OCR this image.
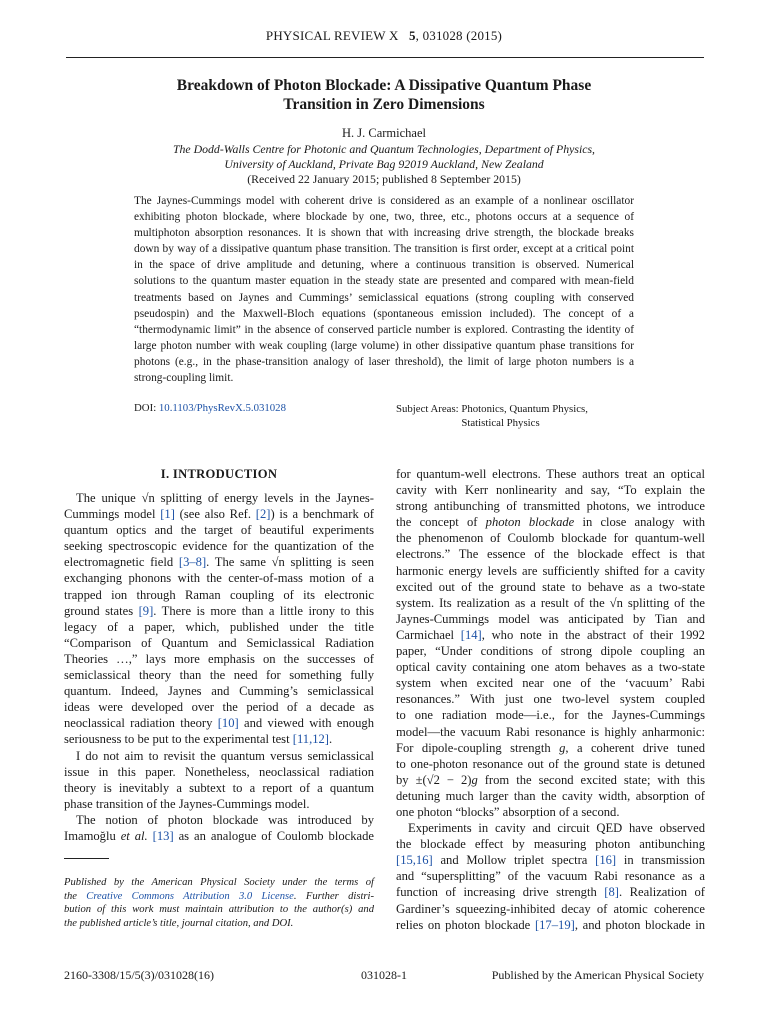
PHYSICAL REVIEW X 5, 031028 (2015)
Breakdown of Photon Blockade: A Dissipative Quantum Phase
Transition in Zero Dimensions
H. J. Carmichael
The Dodd-Walls Centre for Photonic and Quantum Technologies, Department of Physics,
University of Auckland, Private Bag 92019 Auckland, New Zealand
(Received 22 January 2015; published 8 September 2015)
The Jaynes-Cummings model with coherent drive is considered as an example of a nonlinear oscillator
exhibiting photon blockade, where blockade by one, two, three, etc., photons occurs at a sequence of
multiphoton absorption resonances. It is shown that with increasing drive strength, the blockade breaks
down by way of a dissipative quantum phase transition. The transition is first order, except at a critical point
in the space of drive amplitude and detuning, where a continuous transition is observed. Numerical
solutions to the quantum master equation in the steady state are presented and compared with mean-field
treatments based on Jaynes and Cummings’ semiclassical equations (strong coupling with conserved
pseudospin) and the Maxwell-Bloch equations (spontaneous emission included). The concept of a
“thermodynamic limit” in the absence of conserved particle number is explored. Contrasting the identity of
large photon number with weak coupling (large volume) in other dissipative quantum phase transitions for
photons (e.g., in the phase-transition analogy of laser threshold), the limit of large photon numbers is a
strong-coupling limit.
DOI: 10.1103/PhysRevX.5.031028	Subject Areas: Photonics, Quantum Physics,
Statistical Physics
I. INTRODUCTION
The unique √n splitting of energy levels in the Jaynes-
Cummings model [1] (see also Ref. [2]) is a benchmark of
quantum optics and the target of beautiful experiments
seeking spectroscopic evidence for the quantization of the
electromagnetic field [3–8]. The same √n splitting is seen
exchanging phonons with the center-of-mass motion of a
trapped ion through Raman coupling of its electronic
ground states [9]. There is more than a little irony to this
legacy of a paper, which, published under the title
“Comparison of Quantum and Semiclassical Radiation
Theories …,” lays more emphasis on the successes of
semiclassical theory than the need for something fully
quantum. Indeed, Jaynes and Cumming’s semiclassical
ideas were developed over the period of a decade as
neoclassical radiation theory [10] and viewed with enough
seriousness to be put to the experimental test [11,12].
I do not aim to revisit the quantum versus semiclassical
issue in this paper. Nonetheless, neoclassical radiation
theory is inevitably a subtext to a report of a quantum
phase transition of the Jaynes-Cummings model.
The notion of photon blockade was introduced by
Imamoğlu et al. [13] as an analogue of Coulomb blockade
Published by the American Physical Society under the terms of
the Creative Commons Attribution 3.0 License. Further distri-
bution of this work must maintain attribution to the author(s) and
the published article’s title, journal citation, and DOI.
for quantum-well electrons. These authors treat an optical
cavity with Kerr nonlinearity and say, “To explain the
strong antibunching of transmitted photons, we introduce
the concept of photon blockade in close analogy with
the phenomenon of Coulomb blockade for quantum-well
electrons.” The essence of the blockade effect is that
harmonic energy levels are sufficiently shifted for a cavity
excited out of the ground state to behave as a two-state
system. Its realization as a result of the √n splitting of the
Jaynes-Cummings model was anticipated by Tian and
Carmichael [14], who note in the abstract of their 1992
paper, “Under conditions of strong dipole coupling an
optical cavity containing one atom behaves as a two-state
system when excited near one of the ‘vacuum’ Rabi
resonances.” With just one two-level system coupled
to one radiation mode—i.e., for the Jaynes-Cummings
model—the vacuum Rabi resonance is highly anharmonic:
For dipole-coupling strength g, a coherent drive tuned
to one-photon resonance out of the ground state is detuned
by ±(√2 − 2)g from the second excited state; with this
detuning much larger than the cavity width, absorption of
one photon “blocks” absorption of a second.
Experiments in cavity and circuit QED have observed
the blockade effect by measuring photon antibunching
[15,16] and Mollow triplet spectra [16] in transmission
and “supersplitting” of the vacuum Rabi resonance as a
function of increasing drive strength [8]. Realization of
Gardiner’s squeezing-inhibited decay of atomic coherence
relies on photon blockade [17–19], and photon blockade in
2160-3308/15/5(3)/031028(16)	031028-1	Published by the American Physical Society
